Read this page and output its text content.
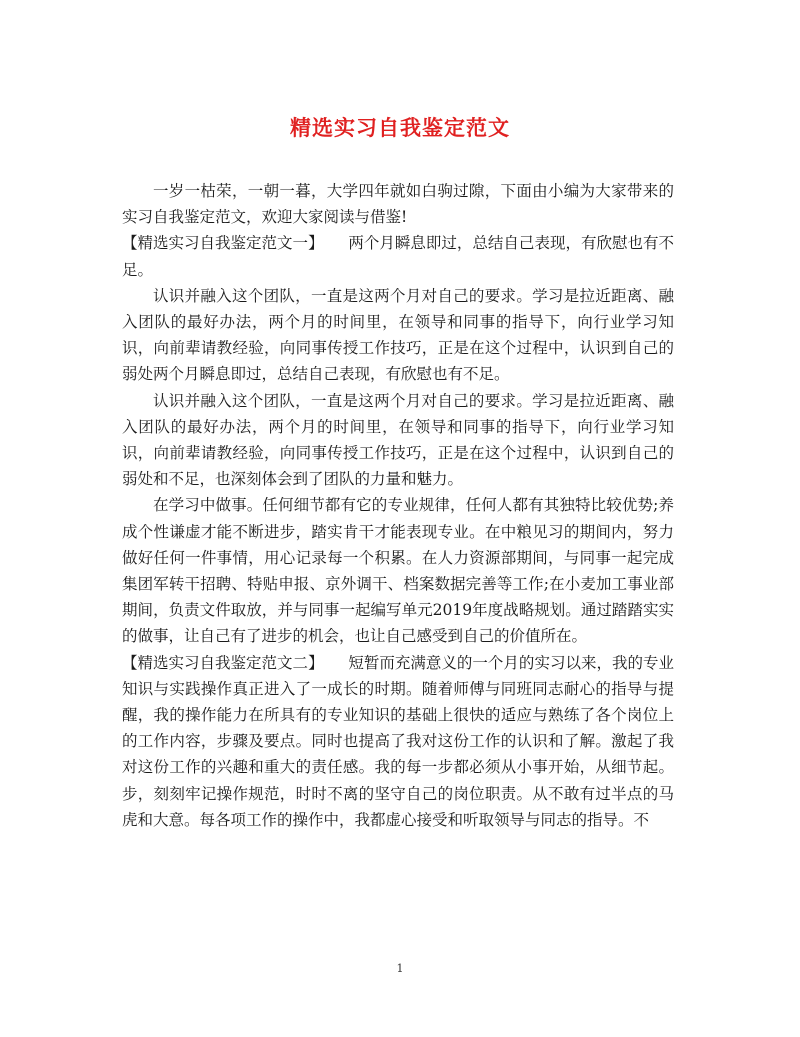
精选实习自我鉴定范文

一岁一枯荣，一朝一暮，大学四年就如白驹过隙，下面由小编为大家带来的实习自我鉴定范文，欢迎大家阅读与借鉴!

【精选实习自我鉴定范文一】 两个月瞬息即过，总结自己表现，有欣慰也有不足。

认识并融入这个团队，一直是这两个月对自己的要求。学习是拉近距离、融入团队的最好办法，两个月的时间里，在领导和同事的指导下，向行业学习知识，向前辈请教经验，向同事传授工作技巧，正是在这个过程中，认识到自己的弱处两个月瞬息即过，总结自己表现，有欣慰也有不足。

认识并融入这个团队，一直是这两个月对自己的要求。学习是拉近距离、融入团队的最好办法，两个月的时间里，在领导和同事的指导下，向行业学习知识，向前辈请教经验，向同事传授工作技巧，正是在这个过程中，认识到自己的弱处和不足，也深刻体会到了团队的力量和魅力。

在学习中做事。任何细节都有它的专业规律，任何人都有其独特比较优势;养成个性谦虚才能不断进步，踏实肯干才能表现专业。在中粮见习的期间内，努力做好任何一件事情，用心记录每一个积累。在人力资源部期间，与同事一起完成集团军转干招聘、特贴申报、京外调干、档案数据完善等工作;在小麦加工事业部期间，负责文件取放，并与同事一起编写单元2019年度战略规划。通过踏踏实实的做事，让自己有了进步的机会，也让自己感受到自己的价值所在。

【精选实习自我鉴定范文二】 短暂而充满意义的一个月的实习以来，我的专业知识与实践操作真正进入了一成长的时期。随着师傅与同班同志耐心的指导与提醒，我的操作能力在所具有的专业知识的基础上很快的适应与熟练了各个岗位上的工作内容，步骤及要点。同时也提高了我对这份工作的认识和了解。激起了我对这份工作的兴趣和重大的责任感。我的每一步都必须从小事开始，从细节起。步，刻刻牢记操作规范，时时不离的坚守自己的岗位职责。从不敢有过半点的马虎和大意。每各项工作的操作中，我都虚心接受和听取领导与同志的指导。不

1
